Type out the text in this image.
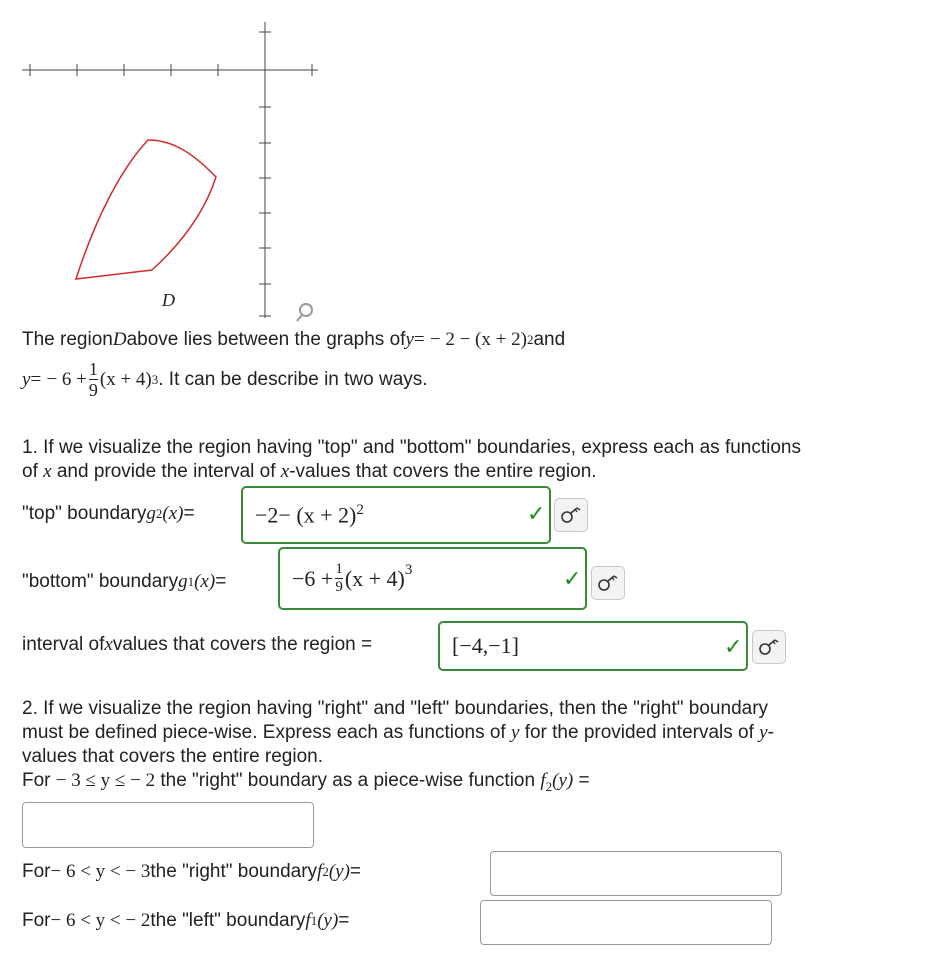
D
The region D above lies between the graphs of y =
− 2 − (x + 2) 2 and
y =
− $6 + \frac{1}{9} (x + 4)$ 3 . It can be describe in two ways.
1. If we visualize the region having "top" and "bottom" boundaries, express each as functions
of x and provide the interval of x-values that covers the entire region.
"top" boundary g 2 (x) =	$-2- (x + 2)^2$	✓
"bottom" boundary g 1 (x) =	$-6 + \frac{1}{9} (x + 4)^3$	✓
interval of x values that covers the region =	[−4,−1]	✓
2. If we visualize the region having "right" and "left" boundaries, then the "right" boundary
must be defined piece-wise. Express each as functions of y for the provided intervals of y-
values that covers the entire region.
For − 3 ≤ y ≤ − 2 the "right" boundary as a piece-wise function $f_2(y)$ =
For − 6 < y < − 3 the "right" boundary f 2 (y) =
For − 6 < y < − 2 the "left" boundary f 1 (y) =
